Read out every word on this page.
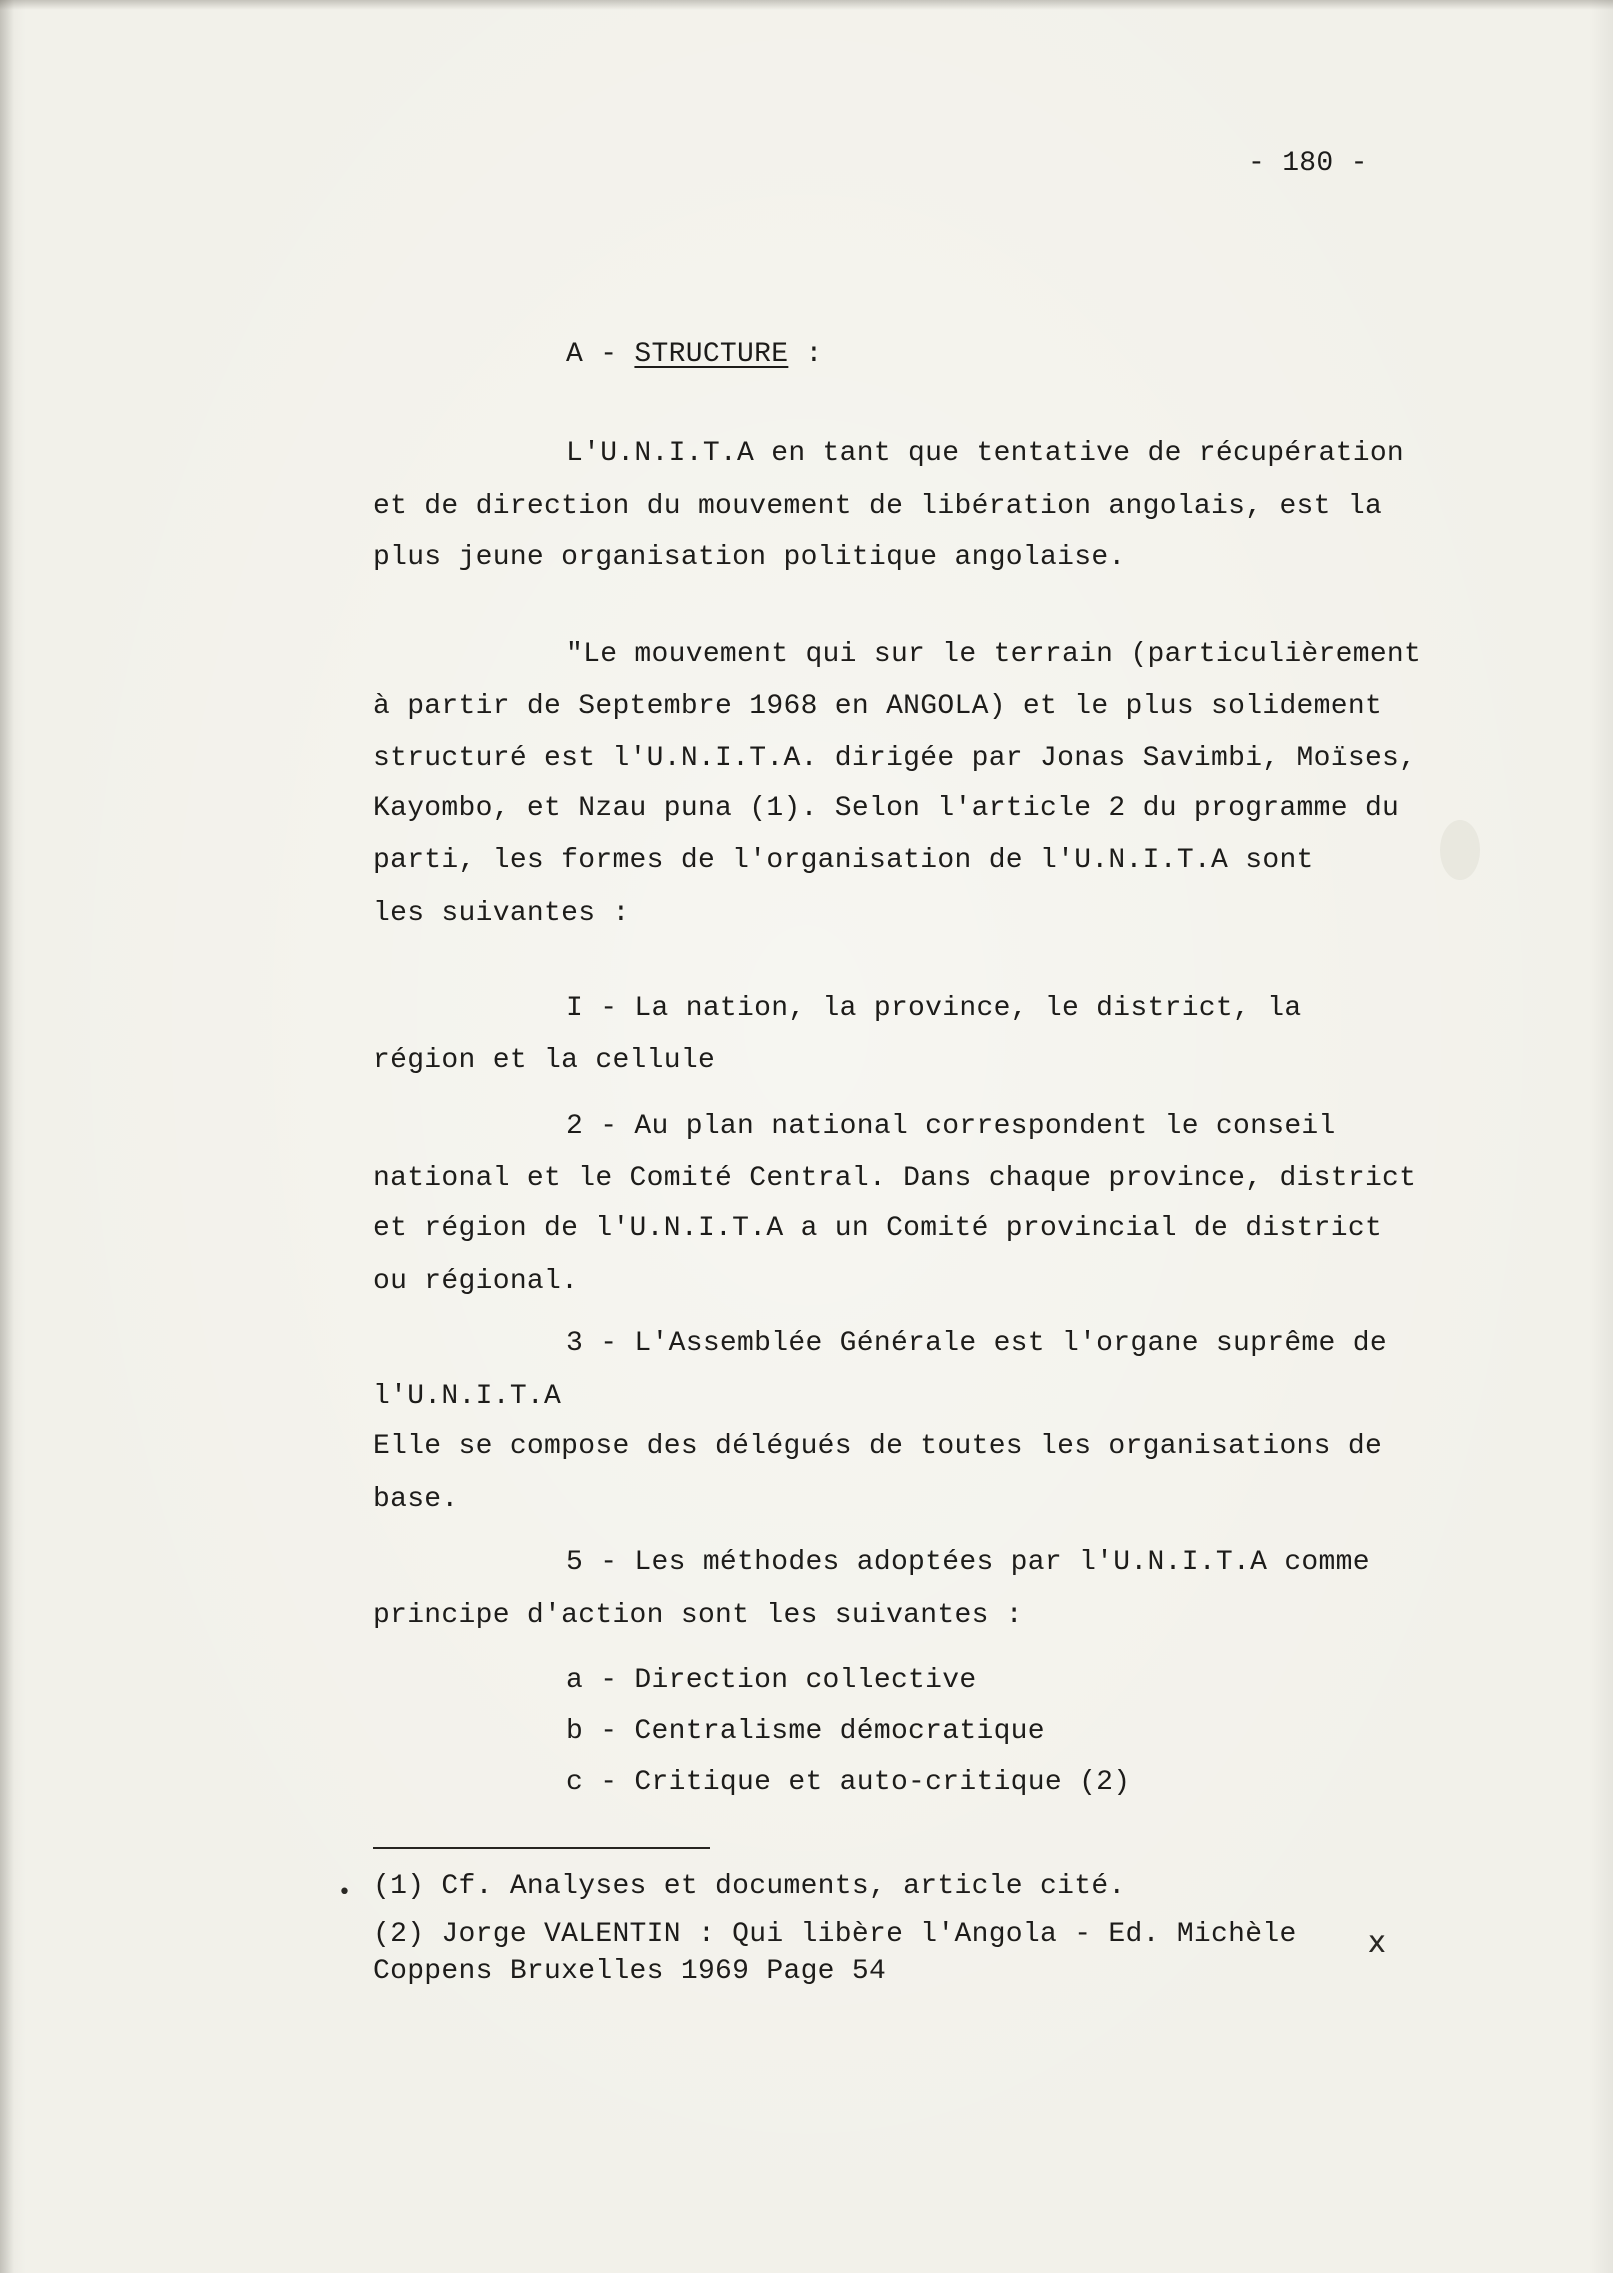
- 180 -
A - STRUCTURE :
L'U.N.I.T.A en tant que tentative de récupération
et de direction du mouvement de libération angolais, est la
plus jeune organisation politique angolaise.
"Le mouvement qui sur le terrain (particulièrement
à partir de Septembre 1968 en ANGOLA) et le plus solidement
structuré est l'U.N.I.T.A. dirigée par Jonas Savimbi, Moïses,
Kayombo, et Nzau puna (1). Selon l'article 2 du programme du
parti, les formes de l'organisation de l'U.N.I.T.A sont
les suivantes :
I - La nation, la province, le district, la
région et la cellule
2 - Au plan national correspondent le conseil
national et le Comité Central. Dans chaque province, district
et région de l'U.N.I.T.A a un Comité provincial de district
ou régional.
3 - L'Assemblée Générale est l'organe suprême de
l'U.N.I.T.A
Elle se compose des délégués de toutes les organisations de
base.
5 - Les méthodes adoptées par l'U.N.I.T.A comme
principe d'action sont les suivantes :
a - Direction collective
b - Centralisme démocratique
c - Critique et auto-critique (2)
• (1) Cf. Analyses et documents, article cité.
(2) Jorge VALENTIN : Qui libère l'Angola - Ed. Michèle
Coppens Bruxelles 1969 Page 54
x
